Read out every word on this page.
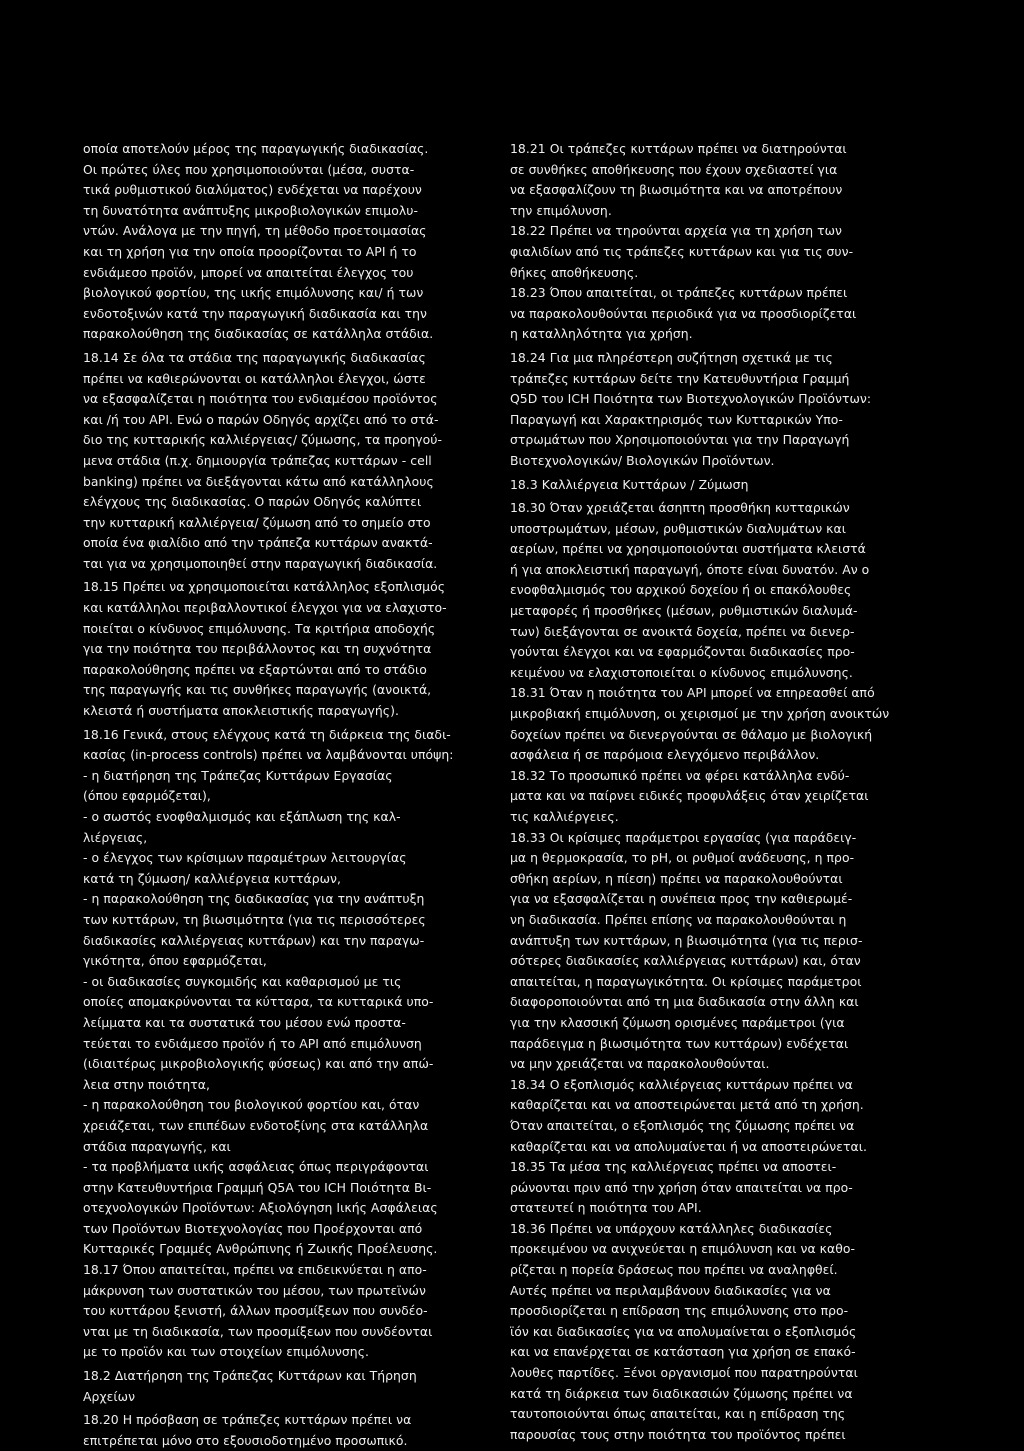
οποία αποτελούν μέρος της παραγωγικής διαδικασίας.
Οι πρώτες ύλες που χρησιμοποιούνται (μέσα, συστα-
τικά ρυθμιστικού διαλύματος) ενδέχεται να παρέχουν
τη δυνατότητα ανάπτυξης μικροβιολογικών επιμολυ-
ντών. Ανάλογα με την πηγή, τη μέθοδο προετοιμασίας
και τη χρήση για την οποία προορίζονται το API ή το
ενδιάμεσο προϊόν, μπορεί να απαιτείται έλεγχος του
βιολογικού φορτίου, της ιικής επιμόλυνσης και/ ή των
ενδοτοξινών κατά την παραγωγική διαδικασία και την
παρακολούθηση της διαδικασίας σε κατάλληλα στάδια.
18.14 Σε όλα τα στάδια της παραγωγικής διαδικασίας
πρέπει να καθιερώνονται οι κατάλληλοι έλεγχοι, ώστε
να εξασφαλίζεται η ποιότητα του ενδιαμέσου προϊόντος
και /ή του API. Ενώ ο παρών Οδηγός αρχίζει από το στά-
διο της κυτταρικής καλλιέργειας/ ζύμωσης, τα προηγού-
μενα στάδια (π.χ. δημιουργία τράπεζας κυττάρων - cell
banking) πρέπει να διεξάγονται κάτω από κατάλληλους
ελέγχους της διαδικασίας. Ο παρών Οδηγός καλύπτει
την κυτταρική καλλιέργεια/ ζύμωση από το σημείο στο
οποία ένα φιαλίδιο από την τράπεζα κυττάρων ανακτά-
ται για να χρησιμοποιηθεί στην παραγωγική διαδικασία.
18.15 Πρέπει να χρησιμοποιείται κατάλληλος εξοπλισμός
και κατάλληλοι περιβαλλοντικοί έλεγχοι για να ελαχιστο-
ποιείται ο κίνδυνος επιμόλυνσης. Τα κριτήρια αποδοχής
για την ποιότητα του περιβάλλοντος και τη συχνότητα
παρακολούθησης πρέπει να εξαρτώνται από το στάδιο
της παραγωγής και τις συνθήκες παραγωγής (ανοικτά,
κλειστά ή συστήματα αποκλειστικής παραγωγής).
18.16 Γενικά, στους ελέγχους κατά τη διάρκεια της διαδι-
κασίας (in-process controls) πρέπει να λαμβάνονται υπόψη:
- η διατήρηση της Τράπεζας Κυττάρων Εργασίας
(όπου εφαρμόζεται),
- ο σωστός ενοφθαλμισμός και εξάπλωση της καλ-
λιέργειας,
- ο έλεγχος των κρίσιμων παραμέτρων λειτουργίας
κατά τη ζύμωση/ καλλιέργεια κυττάρων,
- η παρακολούθηση της διαδικασίας για την ανάπτυξη
των κυττάρων, τη βιωσιμότητα (για τις περισσότερες
διαδικασίες καλλιέργειας κυττάρων) και την παραγω-
γικότητα, όπου εφαρμόζεται,
- οι διαδικασίες συγκομιδής και καθαρισμού με τις
οποίες απομακρύνονται τα κύτταρα, τα κυτταρικά υπο-
λείμματα και τα συστατικά του μέσου ενώ προστα-
τεύεται το ενδιάμεσο προϊόν ή το API από επιμόλυνση
(ιδιαιτέρως μικροβιολογικής φύσεως) και από την απώ-
λεια στην ποιότητα,
- η παρακολούθηση του βιολογικού φορτίου και, όταν
χρειάζεται, των επιπέδων ενδοτοξίνης στα κατάλληλα
στάδια παραγωγής, και
- τα προβλήματα ιικής ασφάλειας όπως περιγράφονται
στην Κατευθυντήρια Γραμμή Q5A του ICH Ποιότητα Βι-
οτεχνολογικών Προϊόντων: Αξιολόγηση Ιικής Ασφάλειας
των Προϊόντων Βιοτεχνολογίας που Προέρχονται από
Κυτταρικές Γραμμές Ανθρώπινης ή Ζωικής Προέλευσης.
18.17 Όπου απαιτείται, πρέπει να επιδεικνύεται η απο-
μάκρυνση των συστατικών του μέσου, των πρωτεϊνών
του κυττάρου ξενιστή, άλλων προσμίξεων που συνδέο-
νται με τη διαδικασία, των προσμίξεων που συνδέονται
με το προϊόν και των στοιχείων επιμόλυνσης.
18.2 Διατήρηση της Τράπεζας Κυττάρων και Τήρηση
Αρχείων
18.20 Η πρόσβαση σε τράπεζες κυττάρων πρέπει να
επιτρέπεται μόνο στο εξουσιοδοτημένο προσωπικό.
18.21 Οι τράπεζες κυττάρων πρέπει να διατηρούνται
σε συνθήκες αποθήκευσης που έχουν σχεδιαστεί για
να εξασφαλίζουν τη βιωσιμότητα και να αποτρέπουν
την επιμόλυνση.
18.22 Πρέπει να τηρούνται αρχεία για τη χρήση των
φιαλιδίων από τις τράπεζες κυττάρων και για τις συν-
θήκες αποθήκευσης.
18.23 Όπου απαιτείται, οι τράπεζες κυττάρων πρέπει
να παρακολουθούνται περιοδικά για να προσδιορίζεται
η καταλληλότητα για χρήση.
18.24 Για μια πληρέστερη συζήτηση σχετικά με τις
τράπεζες κυττάρων δείτε την Κατευθυντήρια Γραμμή
Q5D του ICH Ποιότητα των Βιοτεχνολογικών Προϊόντων:
Παραγωγή και Χαρακτηρισμός των Κυτταρικών Υπο-
στρωμάτων που Χρησιμοποιούνται για την Παραγωγή
Βιοτεχνολογικών/ Βιολογικών Προϊόντων.
18.3 Καλλιέργεια Κυττάρων / Ζύμωση
18.30 Όταν χρειάζεται άσηπτη προσθήκη κυτταρικών
υποστρωμάτων, μέσων, ρυθμιστικών διαλυμάτων και
αερίων, πρέπει να χρησιμοποιούνται συστήματα κλειστά
ή για αποκλειστική παραγωγή, όποτε είναι δυνατόν. Αν ο
ενοφθαλμισμός του αρχικού δοχείου ή οι επακόλουθες
μεταφορές ή προσθήκες (μέσων, ρυθμιστικών διαλυμά-
των) διεξάγονται σε ανοικτά δοχεία, πρέπει να διενερ-
γούνται έλεγχοι και να εφαρμόζονται διαδικασίες προ-
κειμένου να ελαχιστοποιείται ο κίνδυνος επιμόλυνσης.
18.31 Όταν η ποιότητα του API μπορεί να επηρεασθεί από
μικροβιακή επιμόλυνση, οι χειρισμοί με την χρήση ανοικτών
δοχείων πρέπει να διενεργούνται σε θάλαμο με βιολογική
ασφάλεια ή σε παρόμοια ελεγχόμενο περιβάλλον.
18.32 Το προσωπικό πρέπει να φέρει κατάλληλα ενδύ-
ματα και να παίρνει ειδικές προφυλάξεις όταν χειρίζεται
τις καλλιέργειες.
18.33 Οι κρίσιμες παράμετροι εργασίας (για παράδειγ-
μα η θερμοκρασία, το pH, οι ρυθμοί ανάδευσης, η προ-
σθήκη αερίων, η πίεση) πρέπει να παρακολουθούνται
για να εξασφαλίζεται η συνέπεια προς την καθιερωμέ-
νη διαδικασία. Πρέπει επίσης να παρακολουθούνται η
ανάπτυξη των κυττάρων, η βιωσιμότητα (για τις περισ-
σότερες διαδικασίες καλλιέργειας κυττάρων) και, όταν
απαιτείται, η παραγωγικότητα. Οι κρίσιμες παράμετροι
διαφοροποιούνται από τη μια διαδικασία στην άλλη και
για την κλασσική ζύμωση ορισμένες παράμετροι (για
παράδειγμα η βιωσιμότητα των κυττάρων) ενδέχεται
να μην χρειάζεται να παρακολουθούνται.
18.34 Ο εξοπλισμός καλλιέργειας κυττάρων πρέπει να
καθαρίζεται και να αποστειρώνεται μετά από τη χρήση.
Όταν απαιτείται, ο εξοπλισμός της ζύμωσης πρέπει να
καθαρίζεται και να απολυμαίνεται ή να αποστειρώνεται.
18.35 Τα μέσα της καλλιέργειας πρέπει να αποστει-
ρώνονται πριν από την χρήση όταν απαιτείται να προ-
στατευτεί η ποιότητα του API.
18.36 Πρέπει να υπάρχουν κατάλληλες διαδικασίες
προκειμένου να ανιχνεύεται η επιμόλυνση και να καθο-
ρίζεται η πορεία δράσεως που πρέπει να αναληφθεί.
Αυτές πρέπει να περιλαμβάνουν διαδικασίες για να
προσδιορίζεται η επίδραση της επιμόλυνσης στο προ-
ϊόν και διαδικασίες για να απολυμαίνεται ο εξοπλισμός
και να επανέρχεται σε κατάσταση για χρήση σε επακό-
λουθες παρτίδες. Ξένοι οργανισμοί που παρατηρούνται
κατά τη διάρκεια των διαδικασιών ζύμωσης πρέπει να
ταυτοποιούνται όπως απαιτείται, και η επίδραση της
παρουσίας τους στην ποιότητα του προϊόντος πρέπει
